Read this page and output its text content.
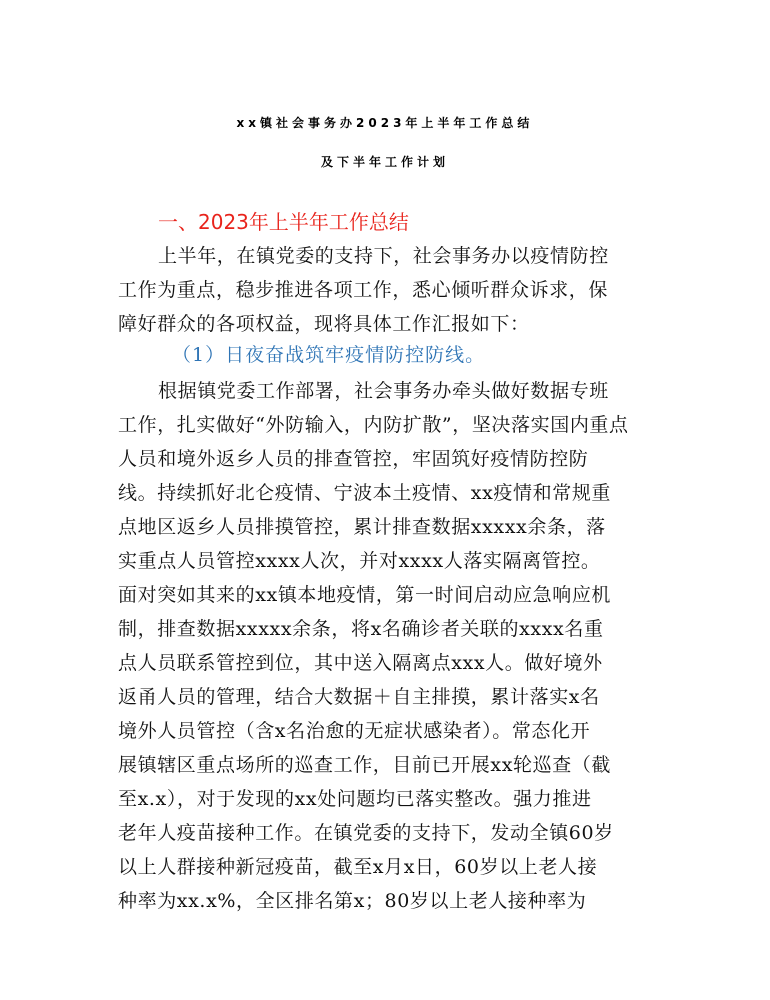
xx镇社会事务办2023年上半年工作总结
及下半年工作计划
一、2023年上半年工作总结
上半年，在镇党委的支持下，社会事务办以疫情防控
工作为重点，稳步推进各项工作，悉心倾听群众诉求，保
障好群众的各项权益，现将具体工作汇报如下：
（1）日夜奋战筑牢疫情防控防线。
根据镇党委工作部署，社会事务办牵头做好数据专班
工作，扎实做好“外防输入，内防扩散”，坚决落实国内重点
人员和境外返乡人员的排查管控，牢固筑好疫情防控防
线。持续抓好北仑疫情、宁波本土疫情、xx疫情和常规重
点地区返乡人员排摸管控，累计排查数据xxxxx余条，落
实重点人员管控xxxx人次，并对xxxx人落实隔离管控。
面对突如其来的xx镇本地疫情，第一时间启动应急响应机
制，排查数据xxxxx余条，将x名确诊者关联的xxxx名重
点人员联系管控到位，其中送入隔离点xxx人。做好境外
返甬人员的管理，结合大数据＋自主排摸，累计落实x名
境外人员管控（含x名治愈的无症状感染者）。常态化开
展镇辖区重点场所的巡查工作，目前已开展xx轮巡查（截
至x.x），对于发现的xx处问题均已落实整改。强力推进
老年人疫苗接种工作。在镇党委的支持下，发动全镇60岁
以上人群接种新冠疫苗，截至x月x日，60岁以上老人接
种率为xx.x%，全区排名第x；80岁以上老人接种率为
